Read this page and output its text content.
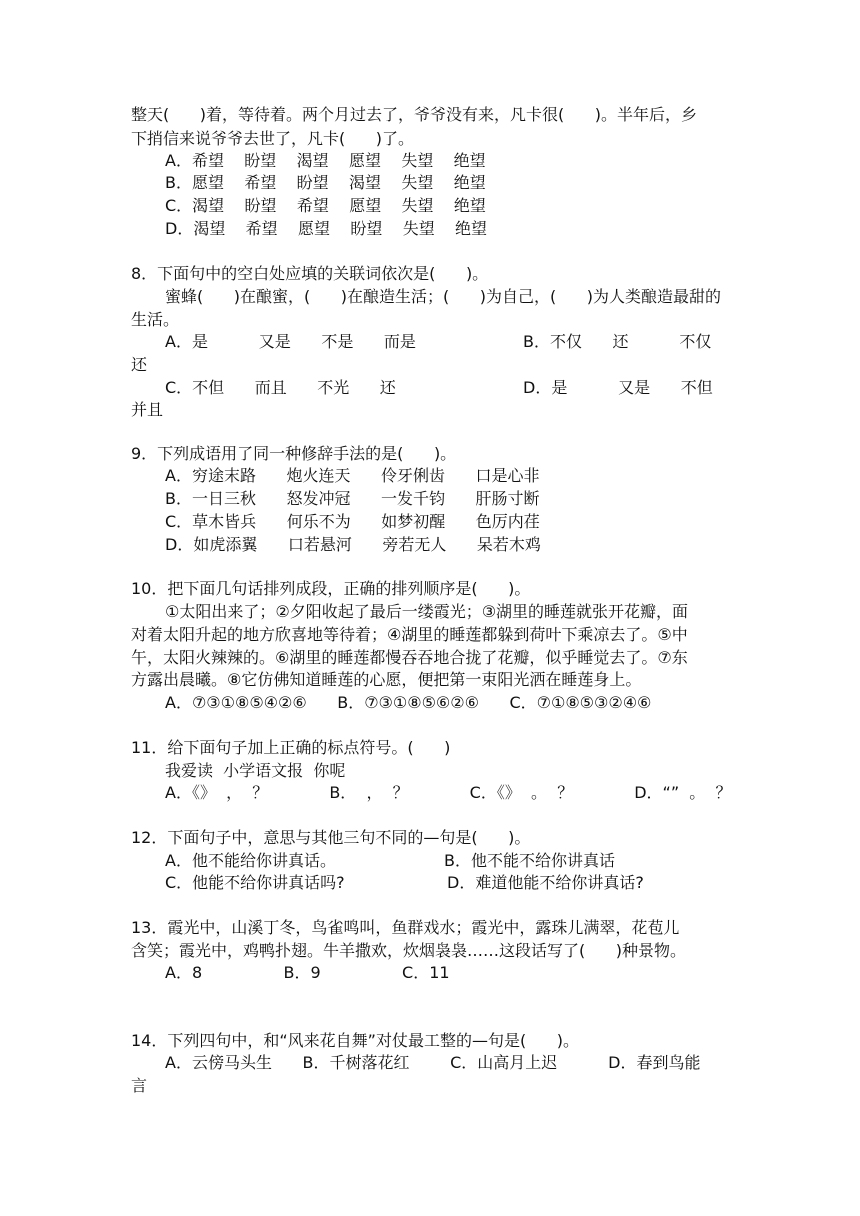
整天(      )着，等待着。两个月过去了，爷爷没有来，凡卡很(      )。半年后，乡
下捎信来说爷爷去世了，凡卡(      )了。
A．希望    盼望    渴望    愿望    失望    绝望
B．愿望    希望    盼望    渴望    失望    绝望
C．渴望    盼望    希望    愿望    失望    绝望
D．渴望    希望    愿望    盼望    失望    绝望
8．下面句中的空白处应填的关联词依次是(      )。
蜜蜂(      )在酿蜜，(      )在酿造生活；(      )为自己，(      )为人类酿造最甜的
生活。
A．是          又是      不是      而是	B．不仅      还          不仅
还
C．不但      而且      不光      还	D．是          又是      不但
并且
9．下列成语用了同一种修辞手法的是(      )。
A．穷途末路      炮火连天      伶牙俐齿      口是心非
B．一日三秋      怒发冲冠      一发千钧      肝肠寸断
C．草木皆兵      何乐不为      如梦初醒      色厉内荏
D．如虎添翼      口若悬河      旁若无人      呆若木鸡
10．把下面几句话排列成段，正确的排列顺序是(      )。
①太阳出来了；②夕阳收起了最后一缕霞光；③湖里的睡莲就张开花瓣，面
对着太阳升起的地方欣喜地等待着；④湖里的睡莲都躲到荷叶下乘凉去了。⑤中
午，太阳火辣辣的。⑥湖里的睡莲都慢吞吞地合拢了花瓣，似乎睡觉去了。⑦东
方露出晨曦。⑧它仿佛知道睡莲的心愿，便把第一束阳光洒在睡莲身上。
A．⑦③①⑧⑤④②⑥      B．⑦③①⑧⑤⑥②⑥      C．⑦①⑧⑤③②④⑥
11．给下面句子加上正确的标点符号。(      )
我爱读  小学语文报  你呢
A．《》  ，  ？            B．  ，  ？            C．《》  。  ？            D．“”  。  ？
12．下面句子中，意思与其他三句不同的—句是(      )。
A．他不能给你讲真话。	B．他不能不给你讲真话
C．他能不给你讲真话吗?	D．难道他能不给你讲真话?
13．霞光中，山溪丁冬，鸟雀鸣叫，鱼群戏水；霞光中，露珠儿满翠，花苞儿
含笑；霞光中，鸡鸭扑翅。牛羊撒欢，炊烟袅袅……这段话写了(      )种景物。
A．8                B．9                C．11
14．下列四句中，和“风来花自舞”对仗最工整的—句是(      )。
A．云傍马头生      B．千树落花红        C．山高月上迟          D．春到鸟能
言
